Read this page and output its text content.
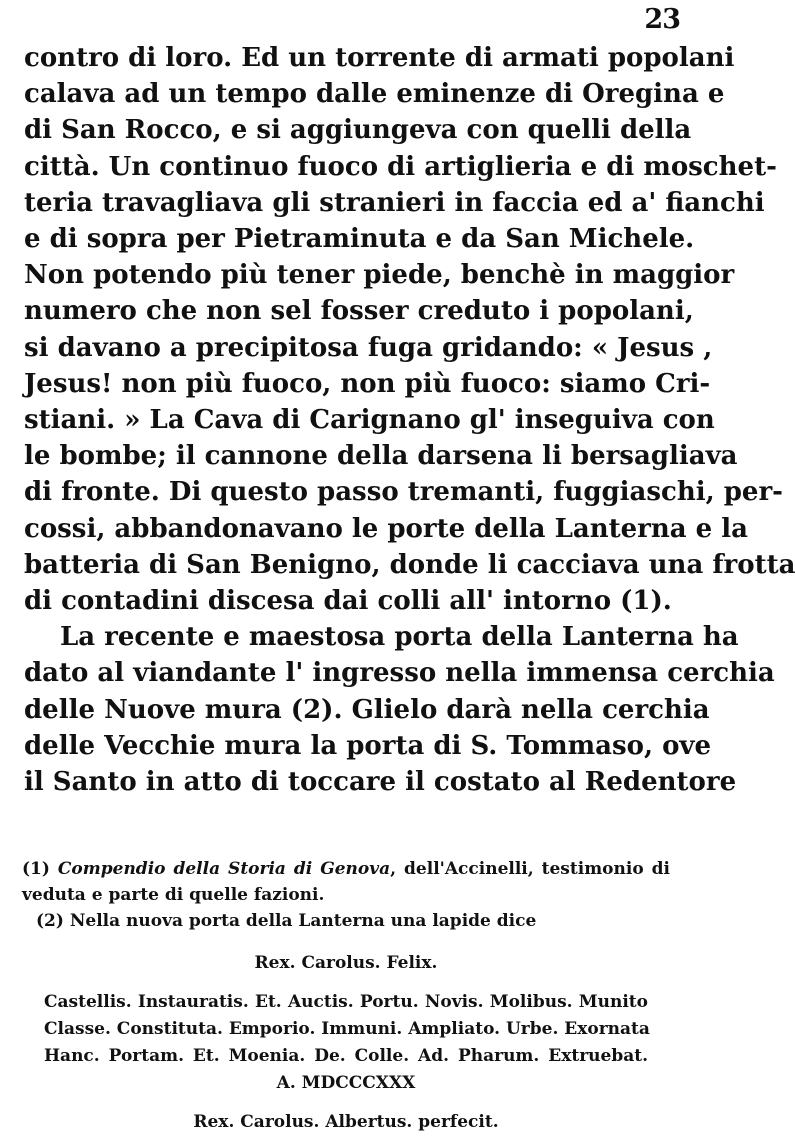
23
contro di loro. Ed un torrente di armati popolani
calava ad un tempo dalle eminenze di Oregina e
di San Rocco, e si aggiungeva con quelli della
città. Un continuo fuoco di artiglieria e di moschet-
teria travagliava gli stranieri in faccia ed a' fianchi
e di sopra per Pietraminuta e da San Michele.
Non potendo più tener piede, benchè in maggior
numero che non sel fosser creduto i popolani,
si davano a precipitosa fuga gridando: « Jesus ,
Jesus! non più fuoco, non più fuoco: siamo Cri-
stiani. » La Cava di Carignano gl' inseguiva con
le bombe; il cannone della darsena li bersagliava
di fronte. Di questo passo tremanti, fuggiaschi, per-
cossi, abbandonavano le porte della Lanterna e la
batteria di San Benigno, donde li cacciava una frotta
di contadini discesa dai colli all' intorno (1).
La recente e maestosa porta della Lanterna ha
dato al viandante l' ingresso nella immensa cerchia
delle Nuove mura (2). Glielo darà nella cerchia
delle Vecchie mura la porta di S. Tommaso, ove
il Santo in atto di toccare il costato al Redentore
(1) Compendio della Storia di Genova, dell'Accinelli, testimonio di
veduta e parte di quelle fazioni.
(2) Nella nuova porta della Lanterna una lapide dice
Rex. Carolus. Felix.
Castellis. Instauratis. Et. Auctis. Portu. Novis. Molibus. Munito
Classe. Constituta. Emporio. Immuni. Ampliato. Urbe. Exornata
Hanc. Portam. Et. Moenia. De. Colle. Ad. Pharum. Extruebat.
A. MDCCCXXX
Rex. Carolus. Albertus. perfecit.
